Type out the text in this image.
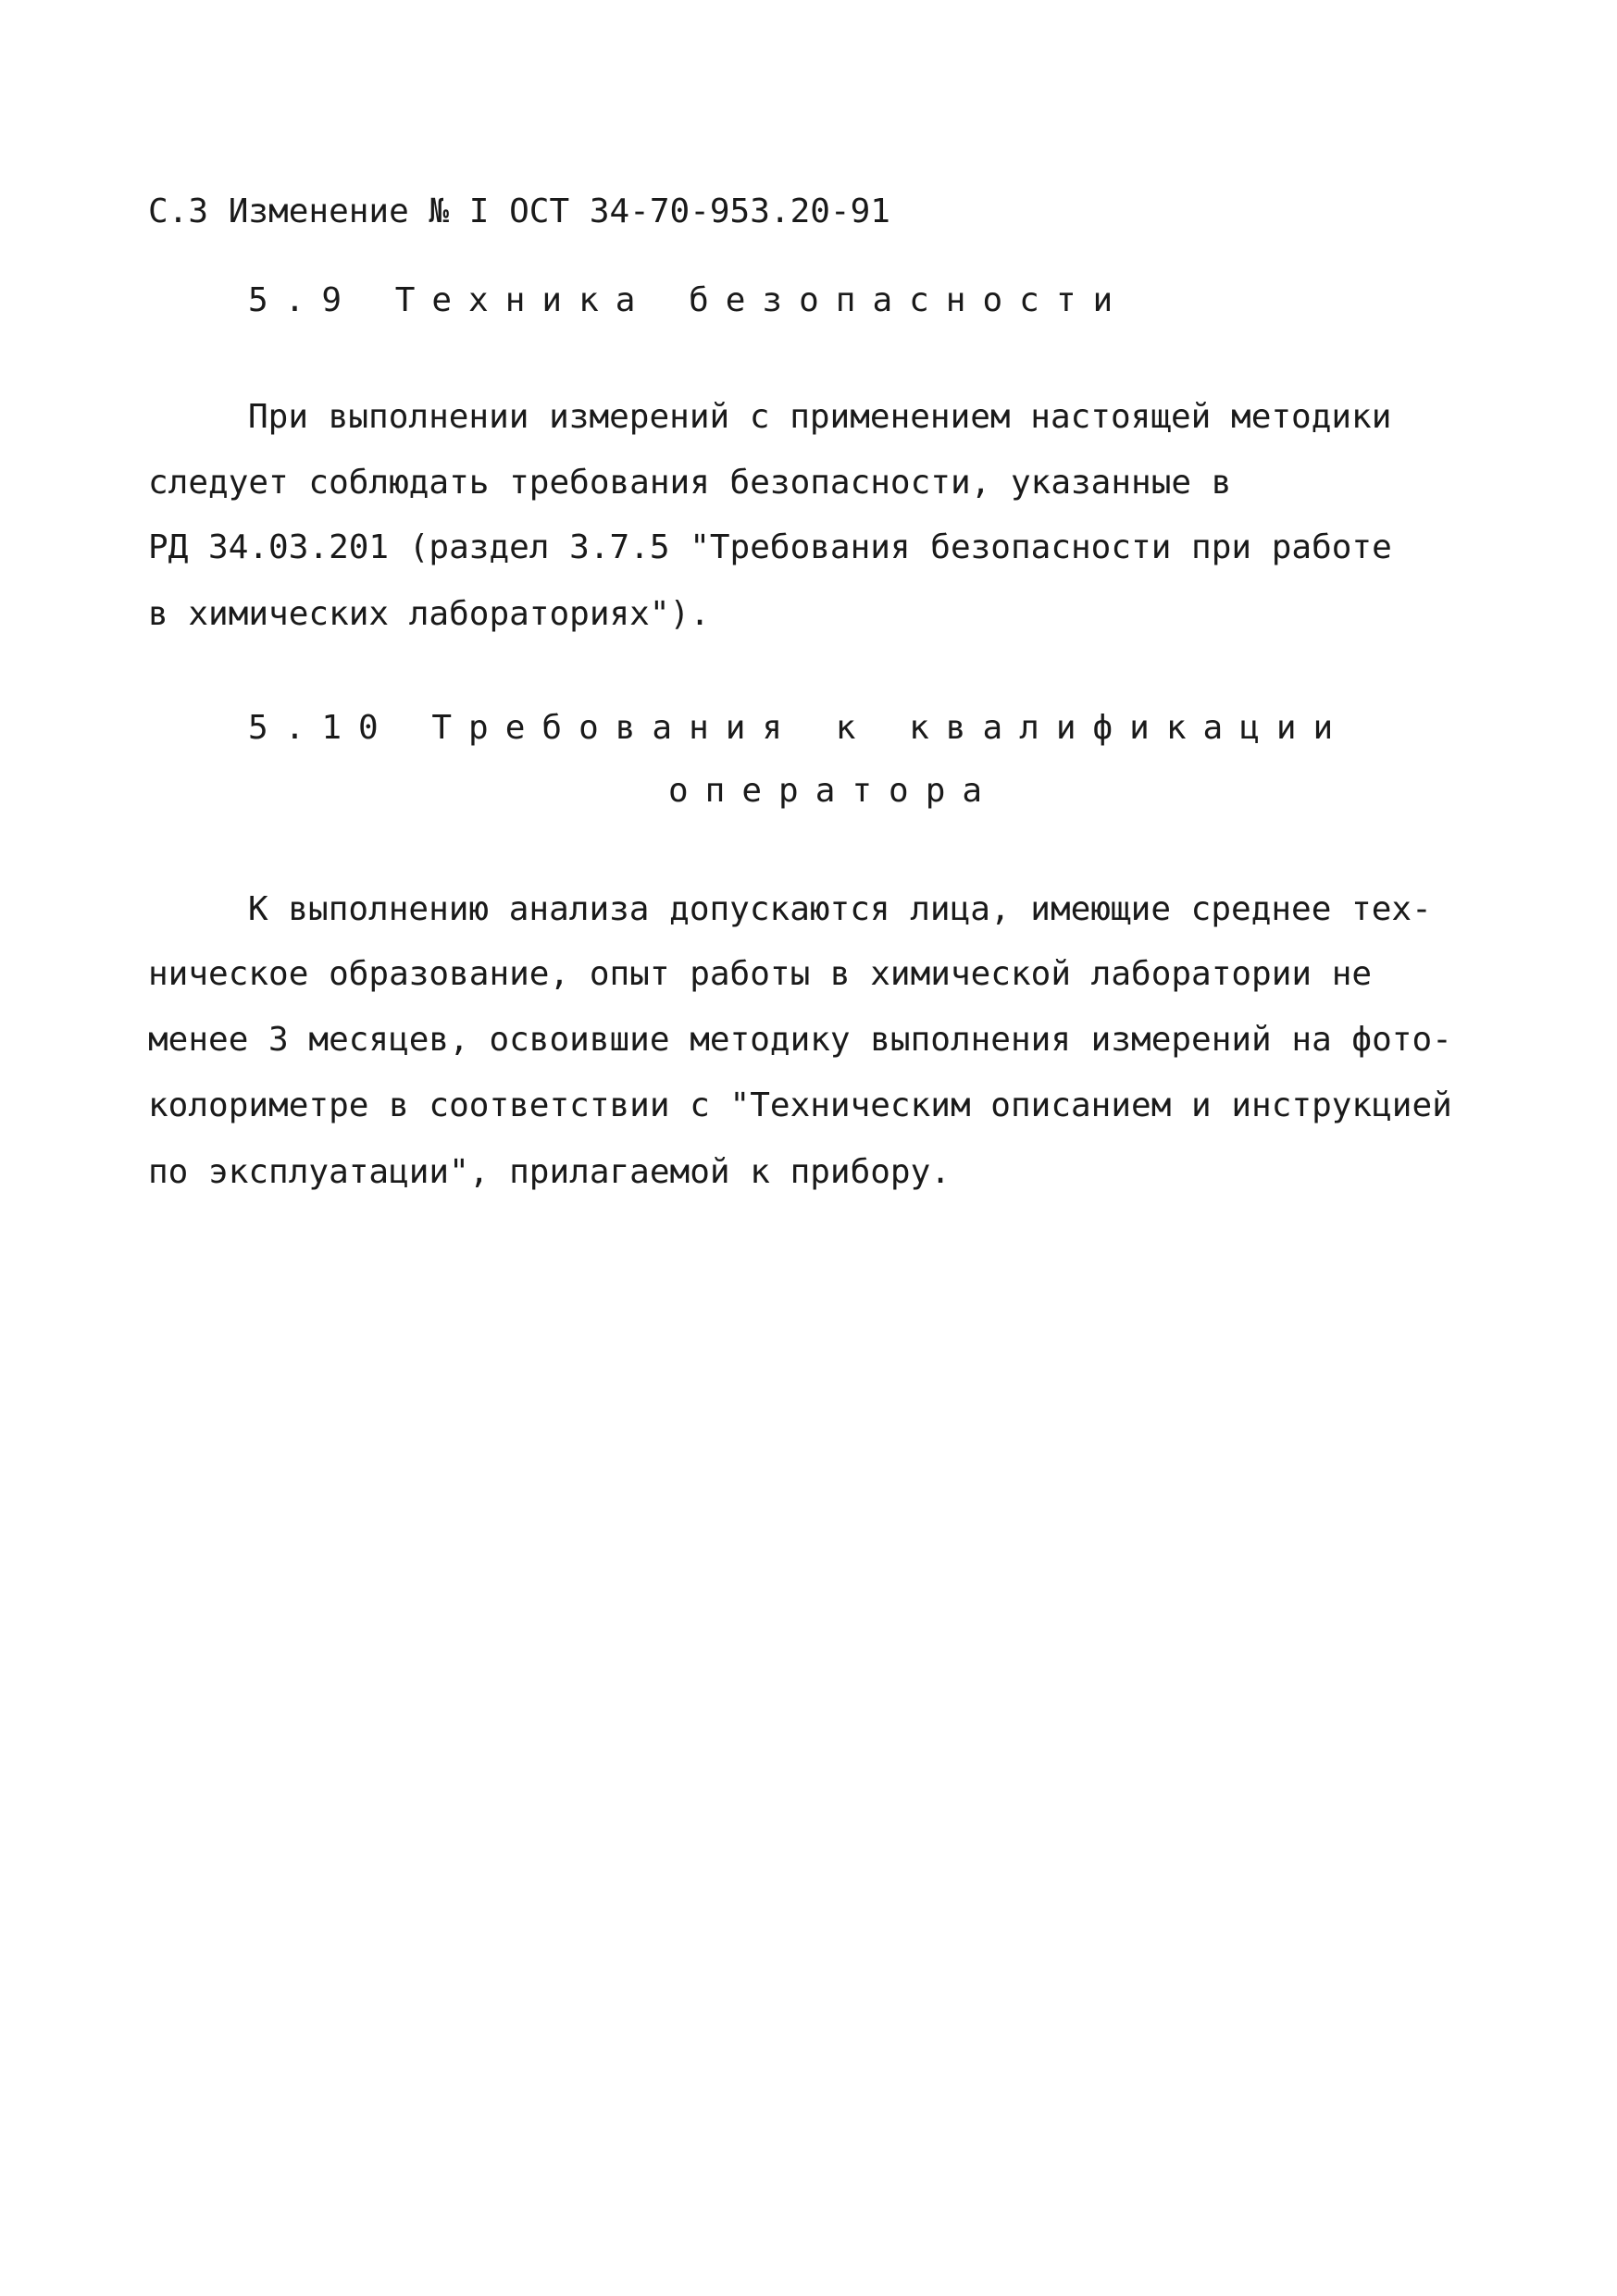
С.3 Изменение № I ОСТ 34-70-953.20-91

5.9 Техника безопасности

При выполнении измерений с применением настоящей методики

следует соблюдать требования безопасности, указанные в

РД 34.03.201 (раздел 3.7.5 "Требования безопасности при работе

в химических лабораториях").

5.10 Требования к квалификации

оператора

К выполнению анализа допускаются лица, имеющие среднее тех-

ническое образование, опыт работы в химической лаборатории не

менее 3 месяцев, освоившие методику выполнения измерений на фото-

колориметре в соответствии с "Техническим описанием и инструкцией

по эксплуатации", прилагаемой к прибору.
